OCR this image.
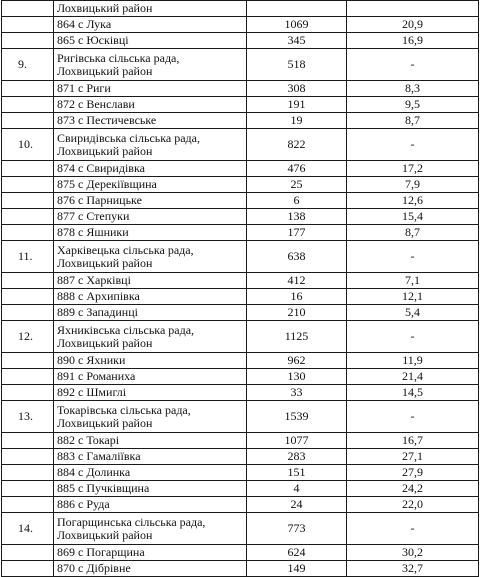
	Лохвицький район		

	864 с Лука	1069	20,9

	865 с Юсківці	345	16,9
9.	Ригівська сільська рада,
Лохвицький район	518	-

	871 с Риги	308	8,3

	872 с Венслави	191	9,5

	873 с Пестичевське	19	8,7
10.	Свиридівська сільська рада,
Лохвицький район	822	-

	874 с Свиридівка	476	17,2

	875 с Дерекіївщина	25	7,9

	876 с Парницьке	6	12,6

	877 с Степуки	138	15,4

	878 с Яшники	177	8,7
11.	Харківецька сільська рада,
Лохвицький район	638	-

	887 с Харківці	412	7,1

	888 с Архипівка	16	12,1

	889 с Западинці	210	5,4
12.	Яхниківська сільська рада,
Лохвицький район	1125	-

	890 с Яхники	962	11,9

	891 с Романиха	130	21,4

	892 с Шмиглі	33	14,5
13.	Токарівська сільська рада,
Лохвицький район	1539	-

	882 с Токарі	1077	16,7

	883 с Гамаліївка	283	27,1

	884 с Долинка	151	27,9

	885 с Пучківщина	4	24,2

	886 с Руда	24	22,0
14.	Погарщинська сільська рада,
Лохвицький район	773	-

	869 с Погарщина	624	30,2

	870 с Дібрівне	149	32,7
